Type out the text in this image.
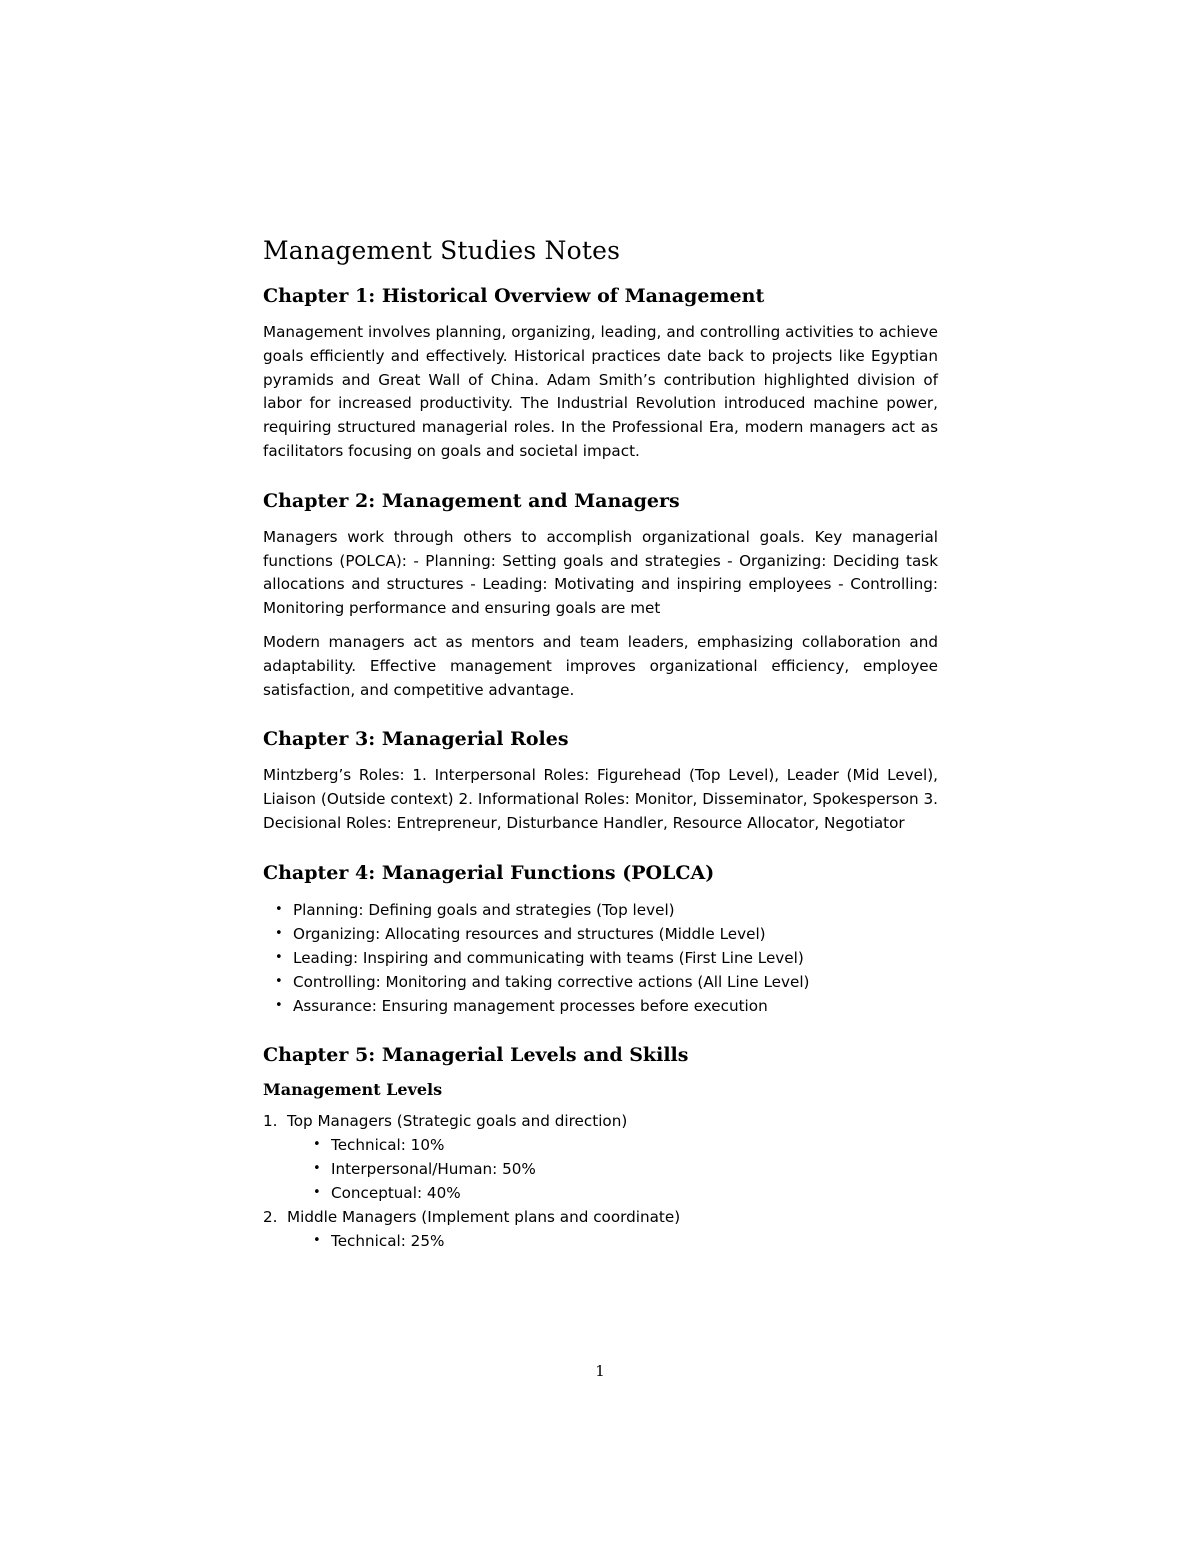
Management Studies Notes
Chapter 1: Historical Overview of Management

Management involves planning, organizing, leading, and controlling activities to achieve goals efficiently and effectively. Historical practices date back to projects like Egyptian pyramids and Great Wall of China. Adam Smith’s contribution highlighted division of labor for increased productivity. The Industrial Revolution introduced machine power, requiring structured managerial roles. In the Professional Era, modern managers act as facilitators focusing on goals and societal impact.

Chapter 2: Management and Managers

Managers work through others to accomplish organizational goals. Key managerial functions (POLCA): - Planning: Setting goals and strategies - Organizing: Deciding task allocations and structures - Leading: Motivating and inspiring employees - Controlling: Monitoring performance and ensuring goals are met

Modern managers act as mentors and team leaders, emphasizing collaboration and adaptability. Effective management improves organizational efficiency, employee satisfaction, and competitive advantage.

Chapter 3: Managerial Roles

Mintzberg’s Roles: 1. Interpersonal Roles: Figurehead (Top Level), Leader (Mid Level), Liaison (Outside context) 2. Informational Roles: Monitor, Disseminator, Spokesperson 3. Decisional Roles: Entrepreneur, Disturbance Handler, Resource Allocator, Negotiator

Chapter 4: Managerial Functions (POLCA)
• Planning: Defining goals and strategies (Top level)
• Organizing: Allocating resources and structures (Middle Level)
• Leading: Inspiring and communicating with teams (First Line Level)
• Controlling: Monitoring and taking corrective actions (All Line Level)
• Assurance: Ensuring management processes before execution
Chapter 5: Managerial Levels and Skills
Management Levels
1. Top Managers (Strategic goals and direction)
• Technical: 10%
• Interpersonal/Human: 50%
• Conceptual: 40%
2. Middle Managers (Implement plans and coordinate)
• Technical: 25%
1
